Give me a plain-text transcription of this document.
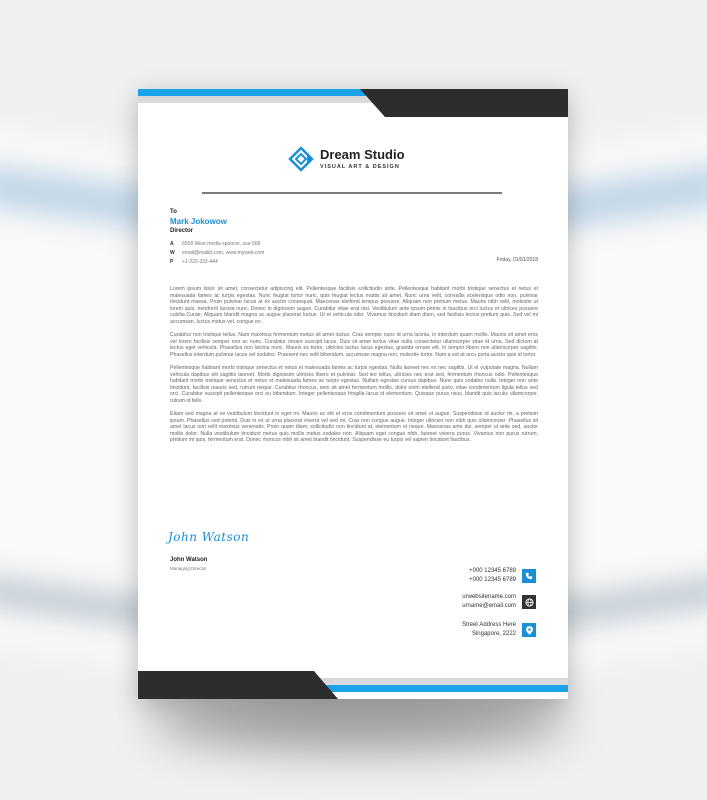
Dream Studio
VISUAL ART & DESIGN
To
Mark Jokowow
Director
A 6558 West media spoocer, usa 568
W email@mailid.com, www.myweb.com
P +1-222-333-444	Friday, 01/01/2018

Lorem ipsum dolor sit amet, consectetur adipiscing elit. Pellentesque facilisis sollicitudin ante. Pellentesque habitant morbi tristique senectus et netus et malesuada fames ac turpis egestas. Nunc feugiat tortor nunc, quis feugiat lectus mattis sit amet. Nunc urna velit, convallis scelerisque odio non, pulvinar tincidunt massa. Proin pulvinar lacus at ex auctor consequat. Maecenas eleifend tempus posuere. Aliquam non pretium metus. Mauris nibh velit, molestie ut lorem quis, hendrerit lacinia nunc. Donec in dignissim augue. Curabitur vitae erat nisi. Vestibulum ante ipsum primis in faucibus orci luctus et ultrices posuere cubilia Curae; Aliquam blandit magna ac augue placerat luctus. Ut et vehicula odio. Vivamus tincidunt diam diam, sed facilisis lectus pretium quis. Sed vel mi accumsan, luctus metus vel, congue ex.

Curabitur non tristique tellus. Nam maximus fermentum metus sit amet luctus. Cras semper nunc id urna lacinia, in interdum quam mollis. Mauris sit amet eros vel lorem facilisis semper non ac nunc. Curabitur ornare suscipit lacus. Duis sit amet lectus vitae nulla consectetur ullamcorper vitae id urna. Sed dictum at lectus eget vehicula. Phasellus non lacinia nunc. Mauris ex tortor, ultricies luctus lacus egestas, gravida ornare elit. In tempor libero non ullamcorper sagittis. Phasellus interdum pulvinar lacus vel sodales. Praesent nec velit bibendum, accumsan magna non, molestie tortor. Nam a est at arcu porta auctor quis id tortor.

Pellentesque habitant morbi tristique senectus et netus et malesuada fames ac turpis egestas. Nulla laoreet nec ex nec sagittis. Ut et vulputate magna. Nullam vehicula dapibus elit sagittis laoreet. Morbi dignissim ultricies libero et pulvinar. Sed leo tellus, ultricies nec erat sed, fermentum rhoncus odio. Pellentesque habitant morbi tristique senectus et netus et malesuada fames ac turpis egestas. Nullam egestas cursus dapibus. Nunc quis sodales nulla. Integer non ante tincidunt, facilisis mauris sed, rutrum neque. Curabitur rhoncus, sem sit amet fermentum mollis, dolor enim eleifend justo, vitae condimentum ligula tellus sed orci. Curabitur suscipit pellentesque orci eu bibendum. Integer pellentesque fringilla lacus id elementum. Quisque purus risus, blandit quis iaculis ullamcorper, rutrum id felis.

Etiam sed magna at ex vestibulum tincidunt in eget mi. Mauris ac elit et eros condimentum posuere sit amet ut augue. Suspendisse id auctor mi, a pretium ipsum. Phasellus sed potenti. Duis in ex ut urna placerat viverra vel sed mi. Cras non congue augue. Integer ultricies non nibh quis ullamcorper. Phasellus sit amet lacus non velit maximus venenatis. Proin quam diam, sollicitudin non tincidunt at, elementum et neque. Maecenas ante dui, semper ut ante sed, auctor mollis dolor. Nulla vestibulum tincidunt metus quis mollis metus sodales non. Aliquam eget congue nibh, laoreet viverra purus. Vivamus non purus rutrum, pretium mi quis, fermentum erat. Donec rhoncus nibh sit amet blandit tincidunt. Suspendisse eu turpis vel sapien tincidunt faucibus.

John Watson
John Watson
Managing Director	+000 12345 6789
+000 12345 6789
urwebsitename.com
urname@email.com
Street Address Here
Singapore, 2222
